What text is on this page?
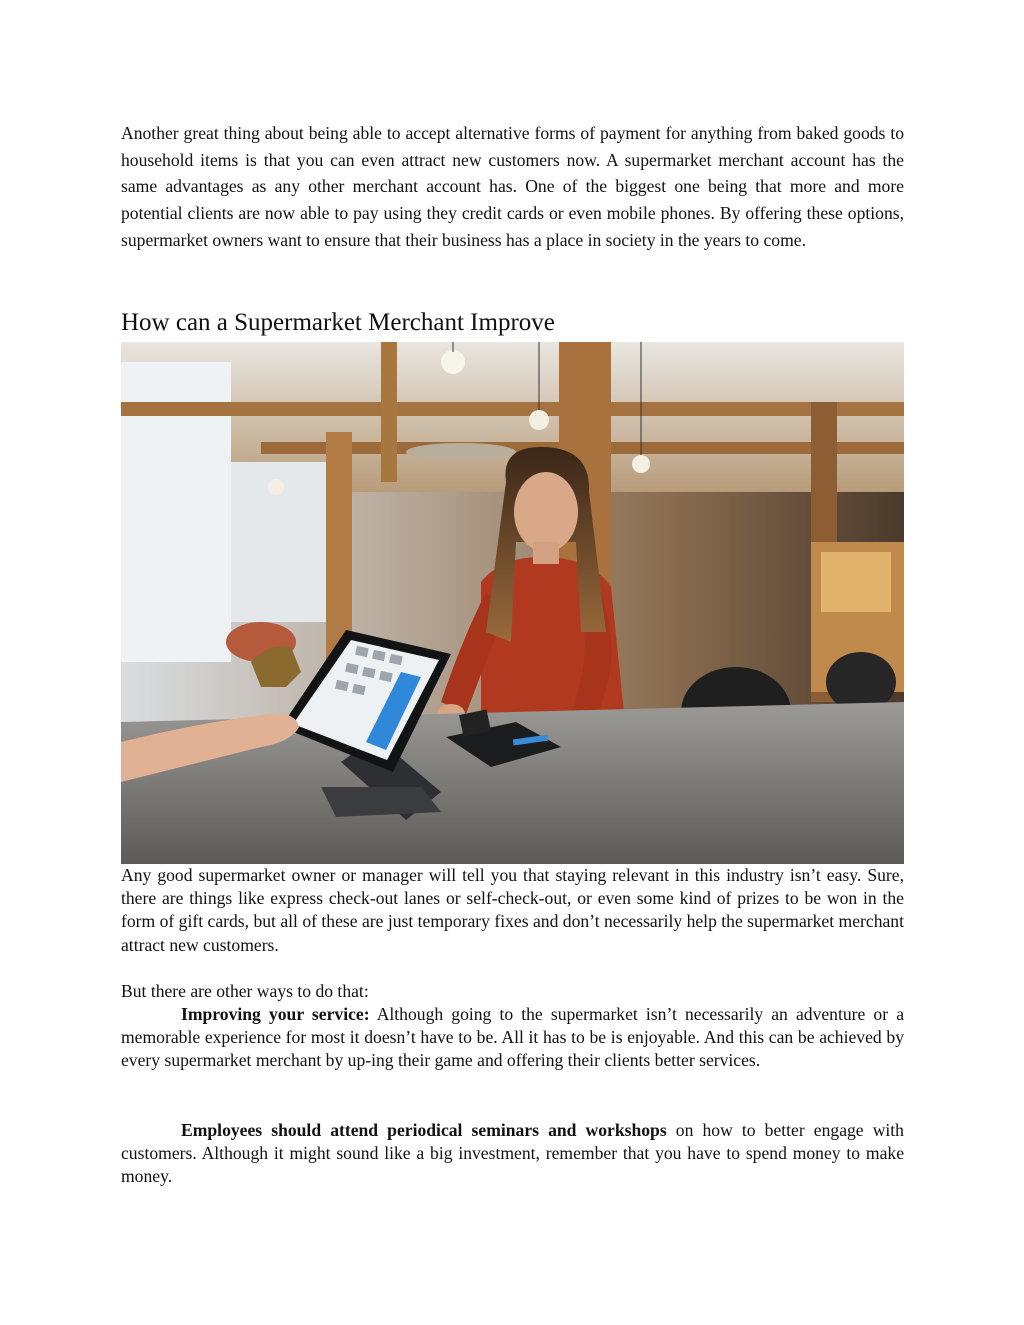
Another great thing about being able to accept alternative forms of payment for anything from baked goods to household items is that you can even attract new customers now. A supermarket merchant account has the same advantages as any other merchant account has. One of the biggest one being that more and more potential clients are now able to pay using they credit cards or even mobile phones. By offering these options, supermarket owners want to ensure that their business has a place in society in the years to come.

How can a Supermarket Merchant Improve

Any good supermarket owner or manager will tell you that staying relevant in this industry isn’t easy. Sure, there are things like express check-out lanes or self-check-out, or even some kind of prizes to be won in the form of gift cards, but all of these are just temporary fixes and don’t necessarily help the supermarket merchant attract new customers.

But there are other ways to do that:

Improving your service: Although going to the supermarket isn’t necessarily an adventure or a memorable experience for most it doesn’t have to be. All it has to be is enjoyable. And this can be achieved by every supermarket merchant by up-ing their game and offering their clients better services.

Employees should attend periodical seminars and workshops on how to better engage with customers. Although it might sound like a big investment, remember that you have to spend money to make money.
